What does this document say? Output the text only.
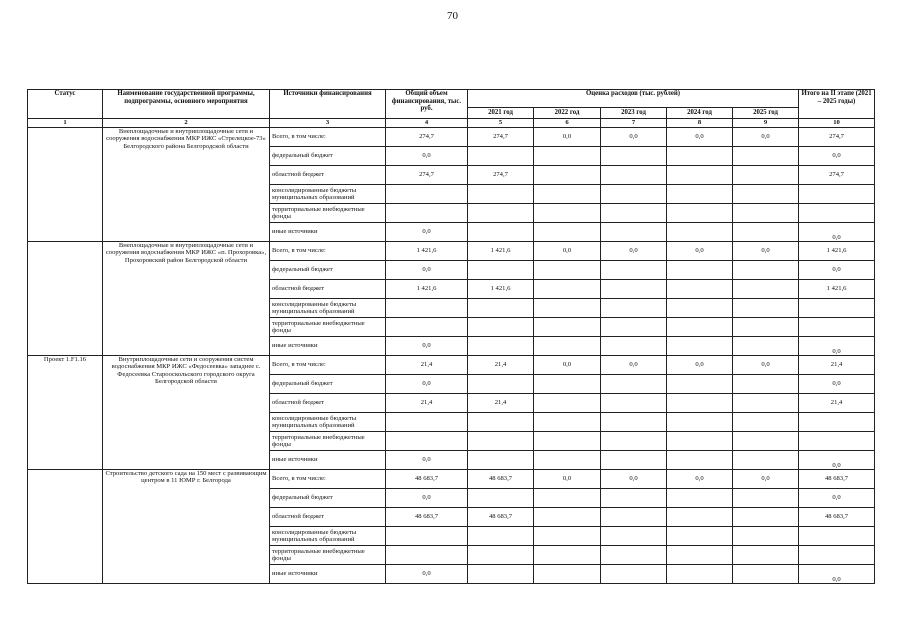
70
Статус	Наименование государственной программы, подпрограммы, основного мероприятия	Источники финансирования	Общий объем финансирования, тыс. руб.	Оценка расходов (тыс. рублей)					Итого на II этапе (2021 – 2025 годы)
				2021 год	2022 год	2023 год	2024 год	2025 год	
1	2	3	4	5	6	7	8	9	10
	Внеплощадочные и внутриплощадочные сети и сооружения водоснабжения МКР ИЖС «Стрелецкое-73» Белгородского района Белгородской области	Всего, в том числе:	274,7	274,7	0,0	0,0	0,0	0,0	274,7
		федеральный бюджет	0,0						0,0
		областной бюджет	274,7	274,7					274,7
		консолидированные бюджеты муниципальных образований							
		территориальные внебюджетные фонды							
		иные источники	0,0						0,0
	Внеплощадочные и внутриплощадочные сети и сооружения водоснабжения МКР ИЖС «п. Прохоровка», Прохоровский район Белгородской области	Всего, в том числе:	1 421,6	1 421,6	0,0	0,0	0,0	0,0	1 421,6
		федеральный бюджет	0,0						0,0
		областной бюджет	1 421,6	1 421,6					1 421,6
		консолидированные бюджеты муниципальных образований							
		территориальные внебюджетные фонды							
		иные источники	0,0						0,0
Проект 1.F1.16	Внутриплощадочные сети и сооружения систем водоснабжения МКР ИЖС «Федосеевка» западнее с. Федосеевка Старооскольского городского округа Белгородской области	Всего, в том числе:	21,4	21,4	0,0	0,0	0,0	0,0	21,4
		федеральный бюджет	0,0						0,0
		областной бюджет	21,4	21,4					21,4
		консолидированные бюджеты муниципальных образований							
		территориальные внебюджетные фонды							
		иные источники	0,0						0,0
	Строительство детского сада на 150 мест с развивающим центром в 11 ЮМР г. Белгорода	Всего, в том числе:	48 683,7	48 683,7	0,0	0,0	0,0	0,0	48 683,7
		федеральный бюджет	0,0						0,0
		областной бюджет	48 683,7	48 683,7					48 683,7
		консолидированные бюджеты муниципальных образований							
		территориальные внебюджетные фонды							
		иные источники	0,0						0,0
